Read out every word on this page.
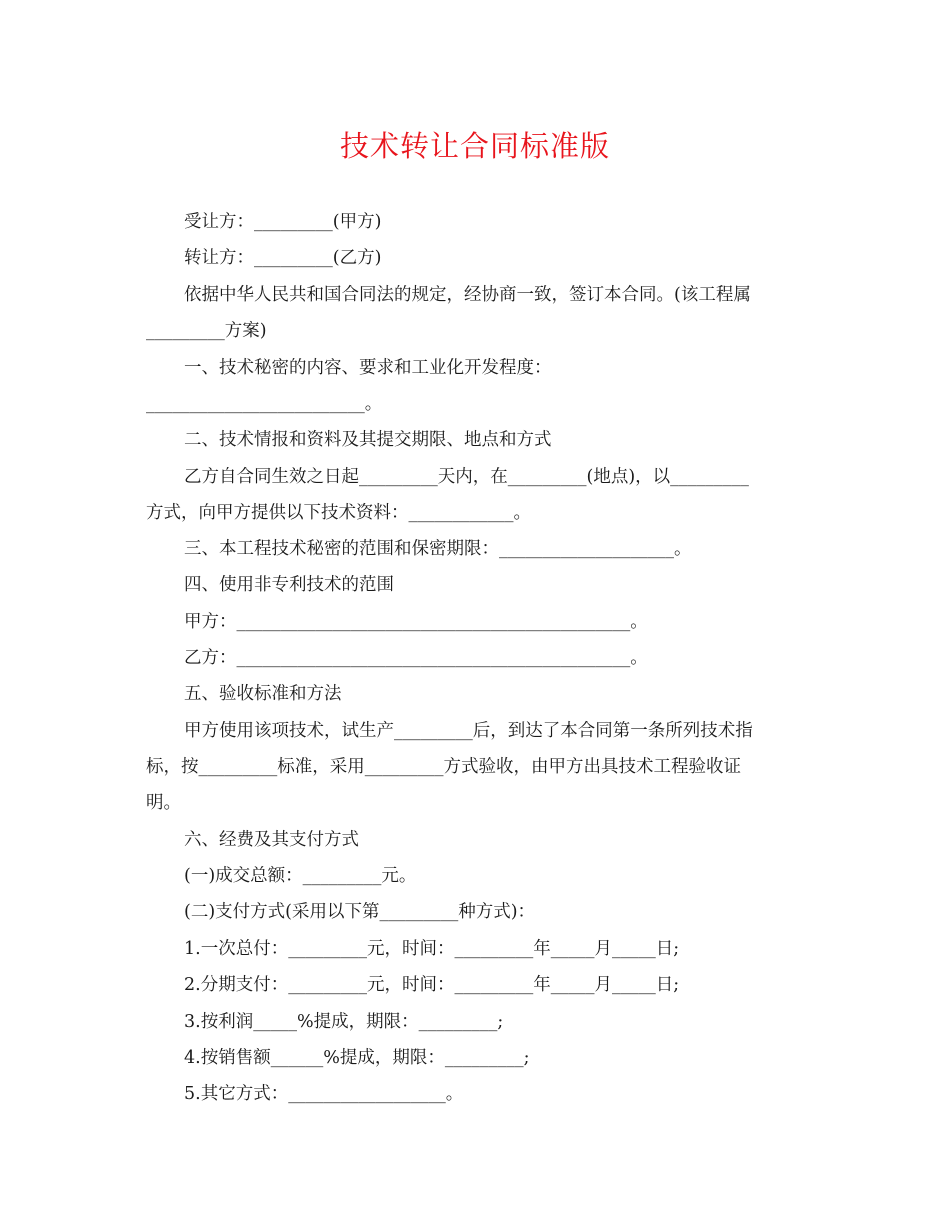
技术转让合同标准版
受让方：_________(甲方)
转让方：_________(乙方)
依据中华人民共和国合同法的规定，经协商一致，签订本合同。(该工程属
_________方案)
一、技术秘密的内容、要求和工业化开发程度：
_________________________。
二、技术情报和资料及其提交期限、地点和方式
乙方自合同生效之日起_________天内，在_________(地点)，以_________
方式，向甲方提供以下技术资料：____________。
三、本工程技术秘密的范围和保密期限：____________________。
四、使用非专利技术的范围
甲方：_____________________________________________。
乙方：_____________________________________________。
五、验收标准和方法
甲方使用该项技术，试生产_________后，到达了本合同第一条所列技术指
标，按_________标准，采用_________方式验收，由甲方出具技术工程验收证
明。
六、经费及其支付方式
(一)成交总额：_________元。
(二)支付方式(采用以下第_________种方式)：
1.一次总付：_________元，时间：_________年_____月_____日;
2.分期支付：_________元，时间：_________年_____月_____日;
3.按利润_____%提成，期限：_________;
4.按销售额______%提成，期限：_________;
5.其它方式：__________________。
